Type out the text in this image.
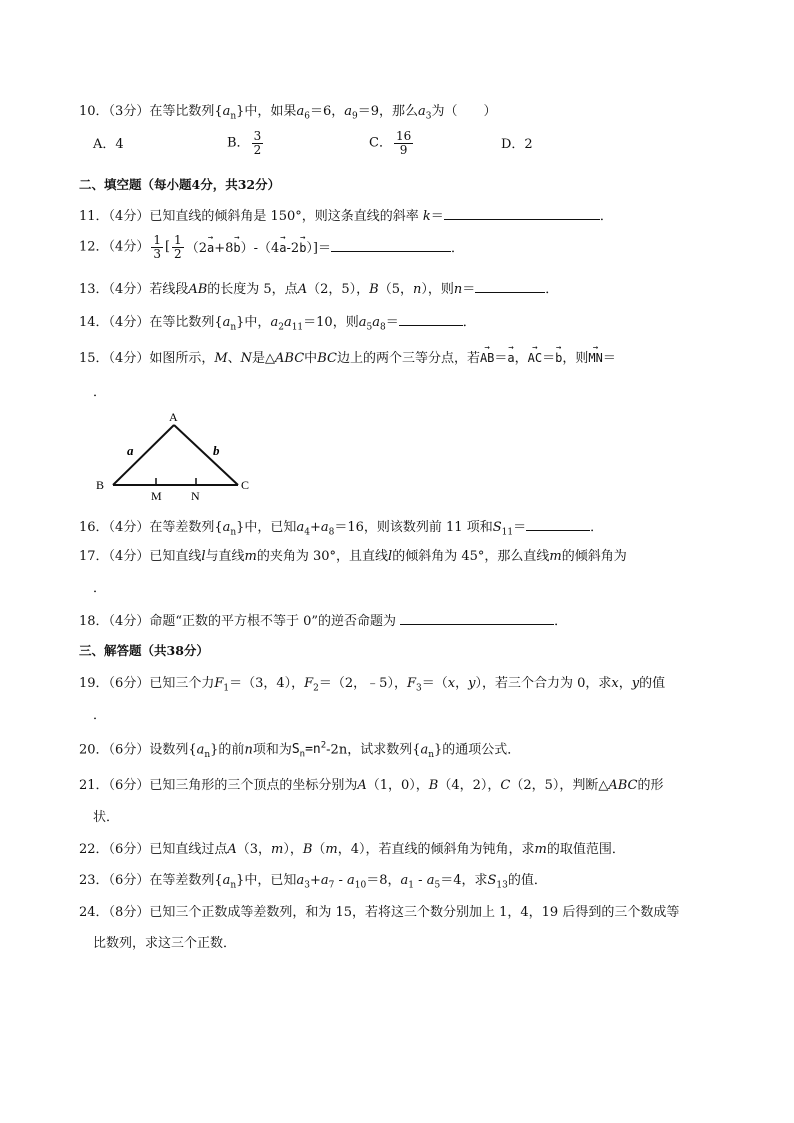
10．（3分）在等比数列$\{a_n\}$中，如果$a_6=6$，$a_9=9$，那么$a_3$为（　　）
A．4	B． $\frac{3}{2}$	C． $\frac{16}{9}$	D．2
二、填空题（每小题4分，共32分）
11．（4分）已知直线的倾斜角是 150°，则这条直线的斜率 k＝	．
12．（4分） $\frac{1}{3}$ [ $\frac{1}{2} (2\to a+8\to b)-(4\to a-2\to b)]=$	．
13．（4分）若线段AB的长度为 5，点A（2，5），B（5，n），则n＝	．
14．（4分）在等比数列$\{a_n\}$中，$a_2a_{11}=10$，则$a_5a_8=$	．
15．（4分）如图所示，M、N是△ABC中BC边上的两个三等分点，若→ AB＝→ a，→ AC＝→ b，则→ MN＝
．
A
B	C
M N
a	b
16．（4分）在等差数列$\{a_n\}$中，已知$a_4+a_8=16$，则该数列前 11 项和$S_{11}=$	．
17．（4分）已知直线l与直线m的夹角为 30°，且直线l的倾斜角为 45°，那么直线m的倾斜角为
．
18．（4分）命题“正数的平方根不等于 0”的逆否命题为	．
三、解答题（共38分）
19．（6分）已知三个力$F_1=(3$，4），$F_2=(2$，﹣5），$F_3=(x$，y），若三个合力为 0，求x，y的值
．
20．（6分）设数列$\{a_n\}$的前n项和为$S_n=n^2-2n$，试求数列$\{a_n\}$的通项公式．
21．（6分）已知三角形的三个顶点的坐标分别为A（1，0），B（4，2），C（2，5），判断△ABC的形
状．
22．（6分）已知直线过点A（3，m），B（m，4），若直线的倾斜角为钝角，求m的取值范围．
23．（6分）在等差数列$\{a_n\}$中，已知$a_3+a_7 - a_{10}=8$，$a_1 - a_5=4$，求$S_{13}$的值．
24．（8分）已知三个正数成等差数列，和为 15，若将这三个数分别加上 1，4，19 后得到的三个数成等
比数列，求这三个正数．
